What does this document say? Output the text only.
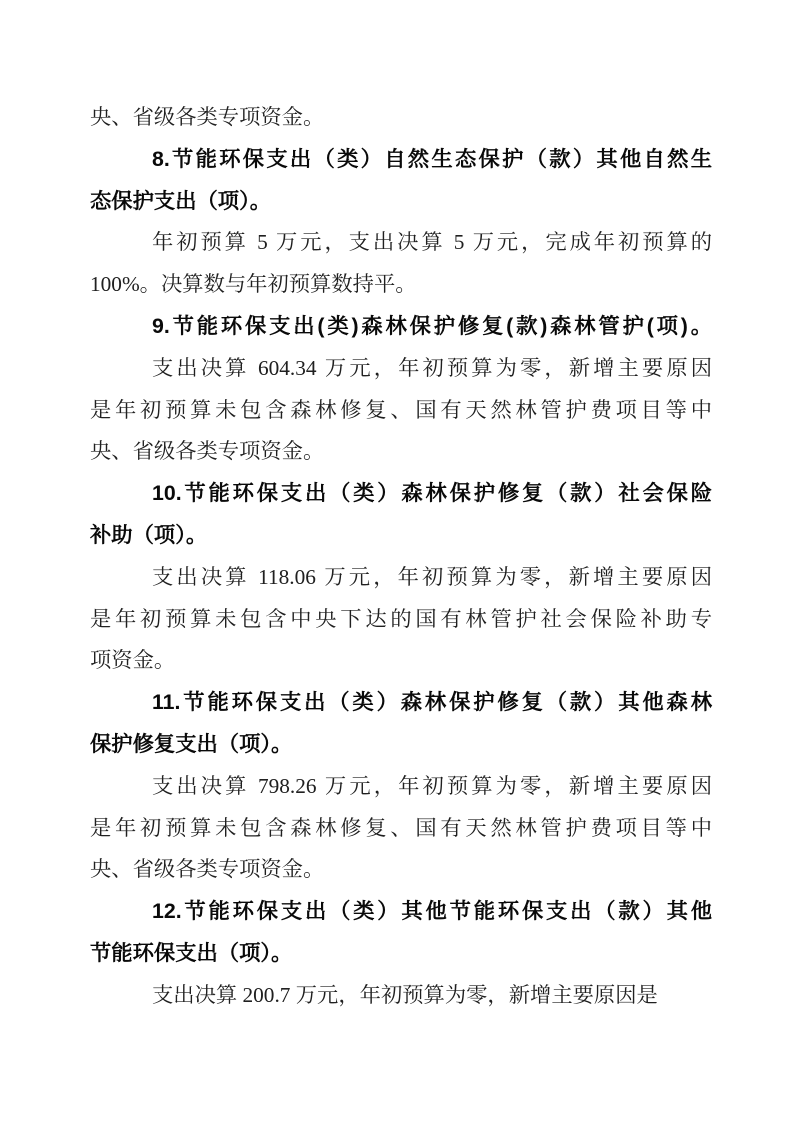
央、省级各类专项资金。
8.节能环保支出（类）自然生态保护（款）其他自然生
态保护支出（项）。
年初预算 5 万元，支出决算 5 万元，完成年初预算的
100%。决算数与年初预算数持平。
9.节能环保支出(类)森林保护修复(款)森林管护(项)。
支出决算 604.34 万元，年初预算为零，新增主要原因
是年初预算未包含森林修复、国有天然林管护费项目等中
央、省级各类专项资金。
10.节能环保支出（类）森林保护修复（款）社会保险
补助（项）。
支出决算 118.06 万元，年初预算为零，新增主要原因
是年初预算未包含中央下达的国有林管护社会保险补助专
项资金。
11.节能环保支出（类）森林保护修复（款）其他森林
保护修复支出（项）。
支出决算 798.26 万元，年初预算为零，新增主要原因
是年初预算未包含森林修复、国有天然林管护费项目等中
央、省级各类专项资金。
12.节能环保支出（类）其他节能环保支出（款）其他
节能环保支出（项）。
支出决算 200.7 万元，年初预算为零，新增主要原因是
